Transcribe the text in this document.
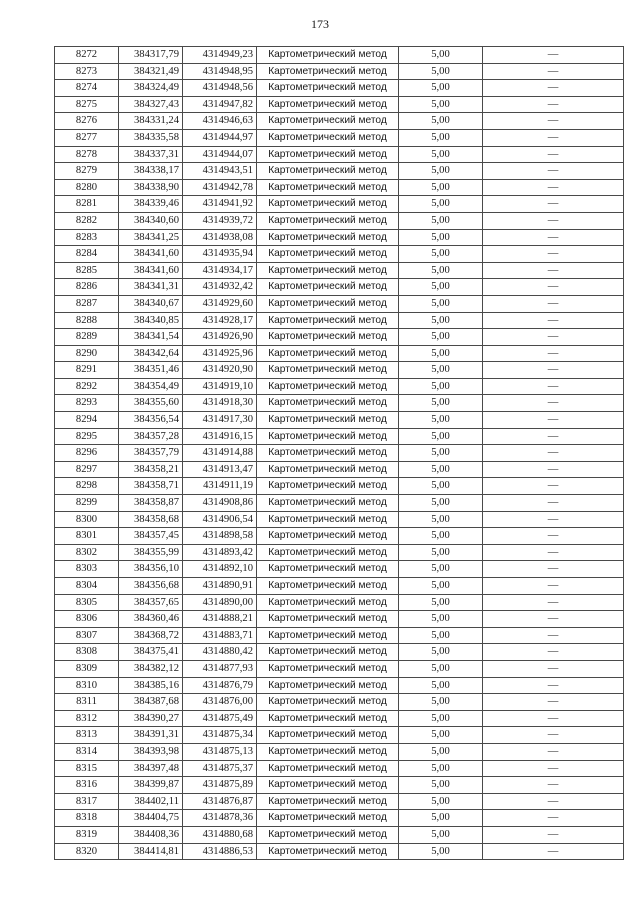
173
8272	384317,79	4314949,23	Картометрический метод	5,00	—
8273	384321,49	4314948,95	Картометрический метод	5,00	—
8274	384324,49	4314948,56	Картометрический метод	5,00	—
8275	384327,43	4314947,82	Картометрический метод	5,00	—
8276	384331,24	4314946,63	Картометрический метод	5,00	—
8277	384335,58	4314944,97	Картометрический метод	5,00	—
8278	384337,31	4314944,07	Картометрический метод	5,00	—
8279	384338,17	4314943,51	Картометрический метод	5,00	—
8280	384338,90	4314942,78	Картометрический метод	5,00	—
8281	384339,46	4314941,92	Картометрический метод	5,00	—
8282	384340,60	4314939,72	Картометрический метод	5,00	—
8283	384341,25	4314938,08	Картометрический метод	5,00	—
8284	384341,60	4314935,94	Картометрический метод	5,00	—
8285	384341,60	4314934,17	Картометрический метод	5,00	—
8286	384341,31	4314932,42	Картометрический метод	5,00	—
8287	384340,67	4314929,60	Картометрический метод	5,00	—
8288	384340,85	4314928,17	Картометрический метод	5,00	—
8289	384341,54	4314926,90	Картометрический метод	5,00	—
8290	384342,64	4314925,96	Картометрический метод	5,00	—
8291	384351,46	4314920,90	Картометрический метод	5,00	—
8292	384354,49	4314919,10	Картометрический метод	5,00	—
8293	384355,60	4314918,30	Картометрический метод	5,00	—
8294	384356,54	4314917,30	Картометрический метод	5,00	—
8295	384357,28	4314916,15	Картометрический метод	5,00	—
8296	384357,79	4314914,88	Картометрический метод	5,00	—
8297	384358,21	4314913,47	Картометрический метод	5,00	—
8298	384358,71	4314911,19	Картометрический метод	5,00	—
8299	384358,87	4314908,86	Картометрический метод	5,00	—
8300	384358,68	4314906,54	Картометрический метод	5,00	—
8301	384357,45	4314898,58	Картометрический метод	5,00	—
8302	384355,99	4314893,42	Картометрический метод	5,00	—
8303	384356,10	4314892,10	Картометрический метод	5,00	—
8304	384356,68	4314890,91	Картометрический метод	5,00	—
8305	384357,65	4314890,00	Картометрический метод	5,00	—
8306	384360,46	4314888,21	Картометрический метод	5,00	—
8307	384368,72	4314883,71	Картометрический метод	5,00	—
8308	384375,41	4314880,42	Картометрический метод	5,00	—
8309	384382,12	4314877,93	Картометрический метод	5,00	—
8310	384385,16	4314876,79	Картометрический метод	5,00	—
8311	384387,68	4314876,00	Картометрический метод	5,00	—
8312	384390,27	4314875,49	Картометрический метод	5,00	—
8313	384391,31	4314875,34	Картометрический метод	5,00	—
8314	384393,98	4314875,13	Картометрический метод	5,00	—
8315	384397,48	4314875,37	Картометрический метод	5,00	—
8316	384399,87	4314875,89	Картометрический метод	5,00	—
8317	384402,11	4314876,87	Картометрический метод	5,00	—
8318	384404,75	4314878,36	Картометрический метод	5,00	—
8319	384408,36	4314880,68	Картометрический метод	5,00	—
8320	384414,81	4314886,53	Картометрический метод	5,00	—
